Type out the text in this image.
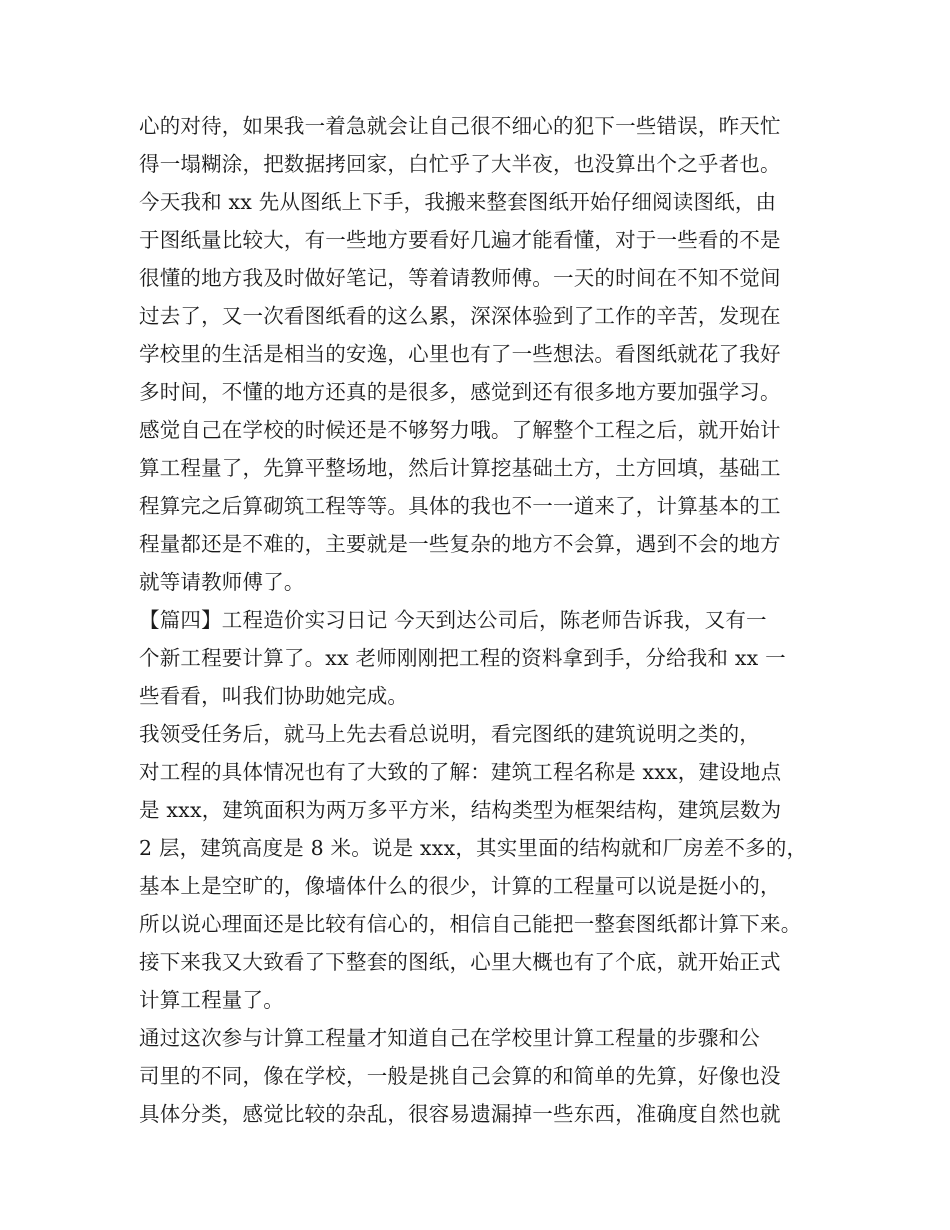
心的对待，如果我一着急就会让自己很不细心的犯下一些错误，昨天忙
得一塌糊涂，把数据拷回家，白忙乎了大半夜，也没算出个之乎者也。
今天我和 xx 先从图纸上下手，我搬来整套图纸开始仔细阅读图纸，由
于图纸量比较大，有一些地方要看好几遍才能看懂，对于一些看的不是
很懂的地方我及时做好笔记，等着请教师傅。一天的时间在不知不觉间
过去了，又一次看图纸看的这么累，深深体验到了工作的辛苦，发现在
学校里的生活是相当的安逸，心里也有了一些想法。看图纸就花了我好
多时间，不懂的地方还真的是很多，感觉到还有很多地方要加强学习。
感觉自己在学校的时候还是不够努力哦。了解整个工程之后，就开始计
算工程量了，先算平整场地，然后计算挖基础土方，土方回填，基础工
程算完之后算砌筑工程等等。具体的我也不一一道来了，计算基本的工
程量都还是不难的，主要就是一些复杂的地方不会算，遇到不会的地方
就等请教师傅了。
【篇四】工程造价实习日记 今天到达公司后，陈老师告诉我，又有一
个新工程要计算了。xx 老师刚刚把工程的资料拿到手，分给我和 xx 一
些看看，叫我们协助她完成。
我领受任务后，就马上先去看总说明，看完图纸的建筑说明之类的，
对工程的具体情况也有了大致的了解：建筑工程名称是 xxx，建设地点
是 xxx，建筑面积为两万多平方米，结构类型为框架结构，建筑层数为
2 层，建筑高度是 8 米。说是 xxx，其实里面的结构就和厂房差不多的，
基本上是空旷的，像墙体什么的很少，计算的工程量可以说是挺小的，
所以说心理面还是比较有信心的，相信自己能把一整套图纸都计算下来。
接下来我又大致看了下整套的图纸，心里大概也有了个底，就开始正式
计算工程量了。
通过这次参与计算工程量才知道自己在学校里计算工程量的步骤和公
司里的不同，像在学校，一般是挑自己会算的和简单的先算，好像也没
具体分类，感觉比较的杂乱，很容易遗漏掉一些东西，准确度自然也就
